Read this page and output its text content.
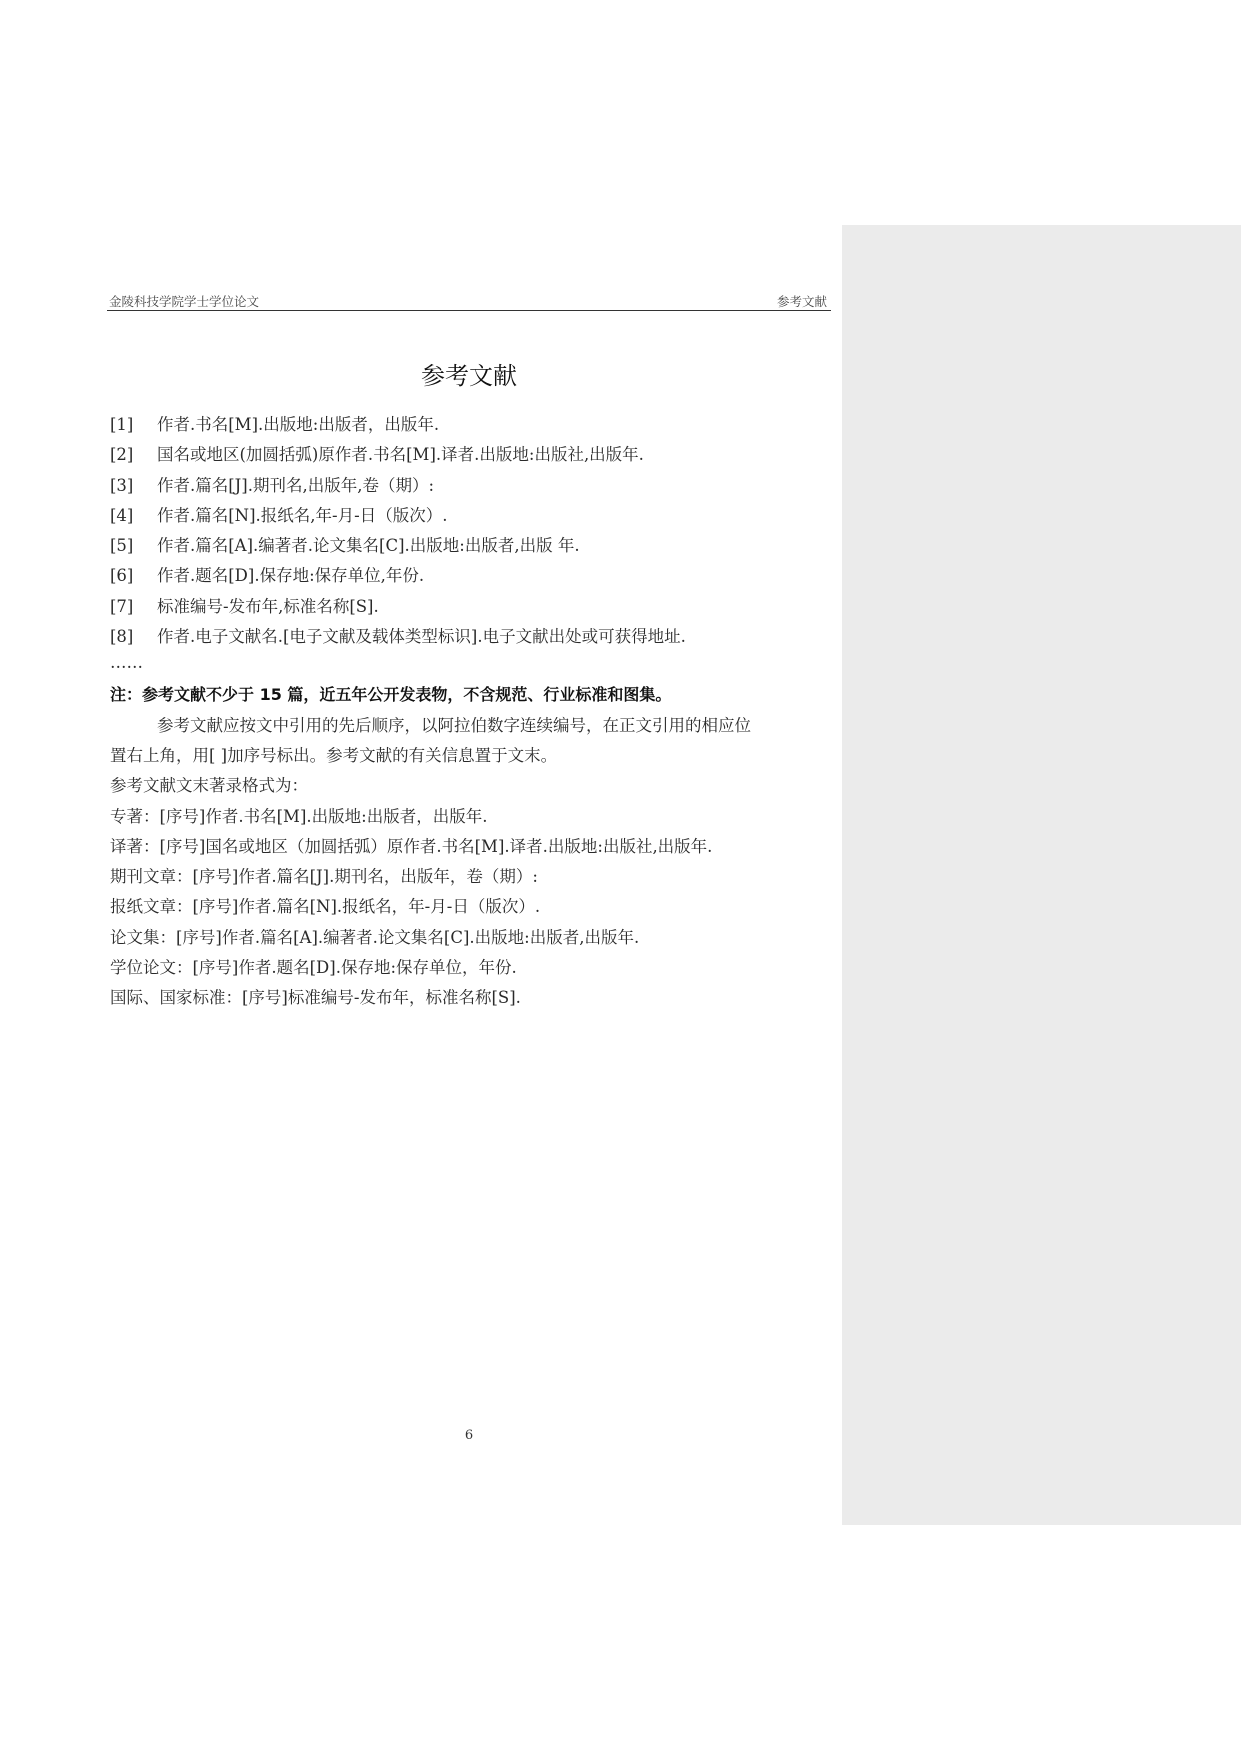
金陵科技学院学士学位论文	参考文献
参考文献
[1] 作者.书名[M].出版地:出版者，出版年.
[2] 国名或地区(加圆括弧)原作者.书名[M].译者.出版地:出版社,出版年.
[3] 作者.篇名[J].期刊名,出版年,卷（期）:
[4] 作者.篇名[N].报纸名,年-月-日（版次）.
[5] 作者.篇名[A].编著者.论文集名[C].出版地:出版者,出版 年.
[6] 作者.题名[D].保存地:保存单位,年份.
[7] 标准编号-发布年,标准名称[S].
[8] 作者.电子文献名.[电子文献及载体类型标识].电子文献出处或可获得地址.
……
注：参考文献不少于 15 篇，近五年公开发表物，不含规范、行业标准和图集。
参考文献应按文中引用的先后顺序，以阿拉伯数字连续编号，在正文引用的相应位
置右上角，用[ ]加序号标出。参考文献的有关信息置于文末。
参考文献文末著录格式为：
专著：[序号]作者.书名[M].出版地:出版者，出版年.
译著：[序号]国名或地区（加圆括弧）原作者.书名[M].译者.出版地:出版社,出版年.
期刊文章：[序号]作者.篇名[J].期刊名，出版年，卷（期）:
报纸文章：[序号]作者.篇名[N].报纸名，年-月-日（版次）.
论文集：[序号]作者.篇名[A].编著者.论文集名[C].出版地:出版者,出版年.
学位论文：[序号]作者.题名[D].保存地:保存单位，年份.
国际、国家标准：[序号]标准编号-发布年，标准名称[S].
6
